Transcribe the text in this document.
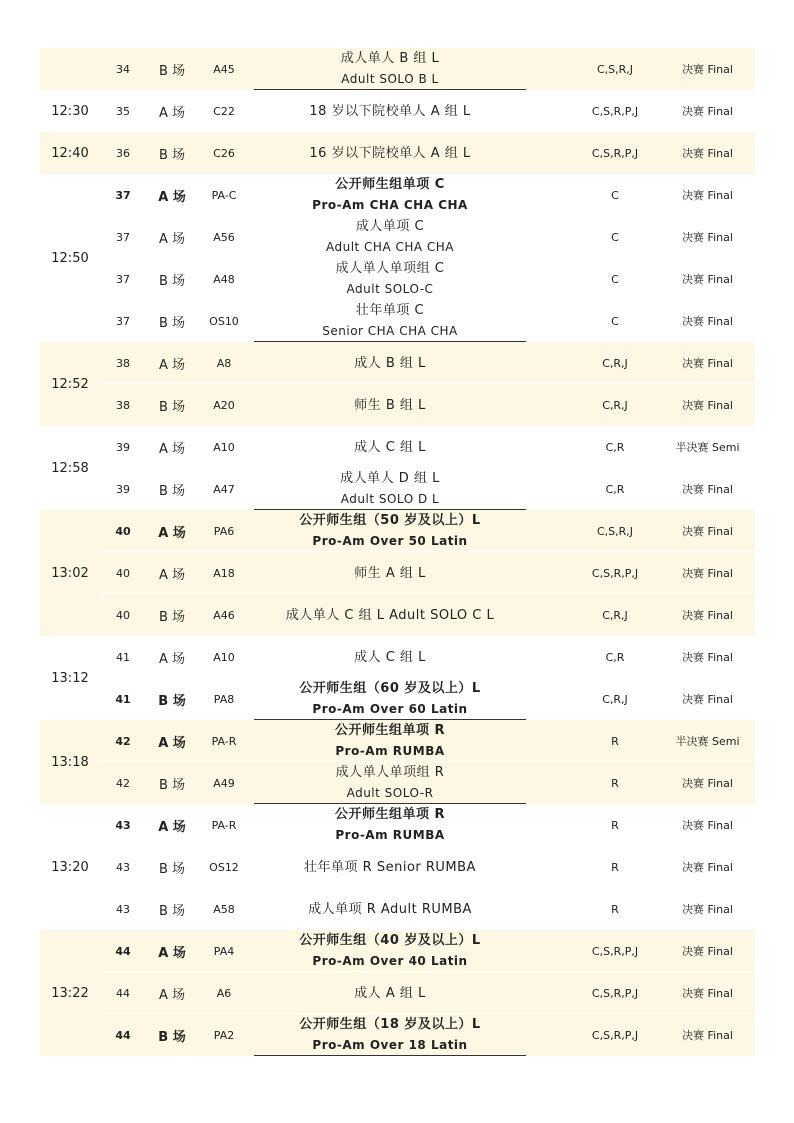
34	B 场	A45
成人单人 B 组 L
Adult SOLO B L
C,S,R,J	决赛 Final
12:30	35	A 场	C22	18 岁以下院校单人 A 组 L	C,S,R,P,J	决赛 Final
12:40	36	B 场	C26	16 岁以下院校单人 A 组 L	C,S,R,P,J	决赛 Final
12:50
37	A 场	PA-C
公开师生组单项 C
Pro-Am CHA CHA CHA
C	决赛 Final
37	A 场	A56
成人单项 C
Adult CHA CHA CHA
C	决赛 Final
37	B 场	A48
成人单人单项组 C
Adult SOLO-C
C	决赛 Final
37	B 场	OS10
壮年单项 C
Senior CHA CHA CHA
C	决赛 Final
12:52
38	A 场	A8	成人 B 组 L	C,R,J	决赛 Final
38	B 场	A20	师生 B 组 L	C,R,J	决赛 Final
12:58
39	A 场	A10	成人 C 组 L	C,R	半决赛 Semi
39	B 场	A47
成人单人 D 组 L
Adult SOLO D L
C,R	决赛 Final
13:02
40	A 场	PA6
公开师生组（50 岁及以上）L
Pro-Am Over 50 Latin
C,S,R,J	决赛 Final
40	A 场	A18	师生 A 组 L	C,S,R,P,J	决赛 Final
40	B 场	A46	成人单人 C 组 L Adult SOLO C L	C,R,J	决赛 Final
13:12
41	A 场	A10	成人 C 组 L	C,R	决赛 Final
41	B 场	PA8
公开师生组（60 岁及以上）L
Pro-Am Over 60 Latin
C,R,J	决赛 Final
13:18
42	A 场	PA-R
公开师生组单项 R
Pro-Am RUMBA
R	半决赛 Semi
42	B 场	A49
成人单人单项组 R
Adult SOLO-R
R	决赛 Final
13:20
43	A 场	PA-R
公开师生组单项 R
Pro-Am RUMBA
R	决赛 Final
43	B 场	OS12	壮年单项 R Senior RUMBA	R	决赛 Final
43	B 场	A58	成人单项 R Adult RUMBA	R	决赛 Final
13:22
44	A 场	PA4
公开师生组（40 岁及以上）L
Pro-Am Over 40 Latin
C,S,R,P,J	决赛 Final
44	A 场	A6	成人 A 组 L	C,S,R,P,J	决赛 Final
44	B 场	PA2
公开师生组（18 岁及以上）L
Pro-Am Over 18 Latin
C,S,R,P,J	决赛 Final
